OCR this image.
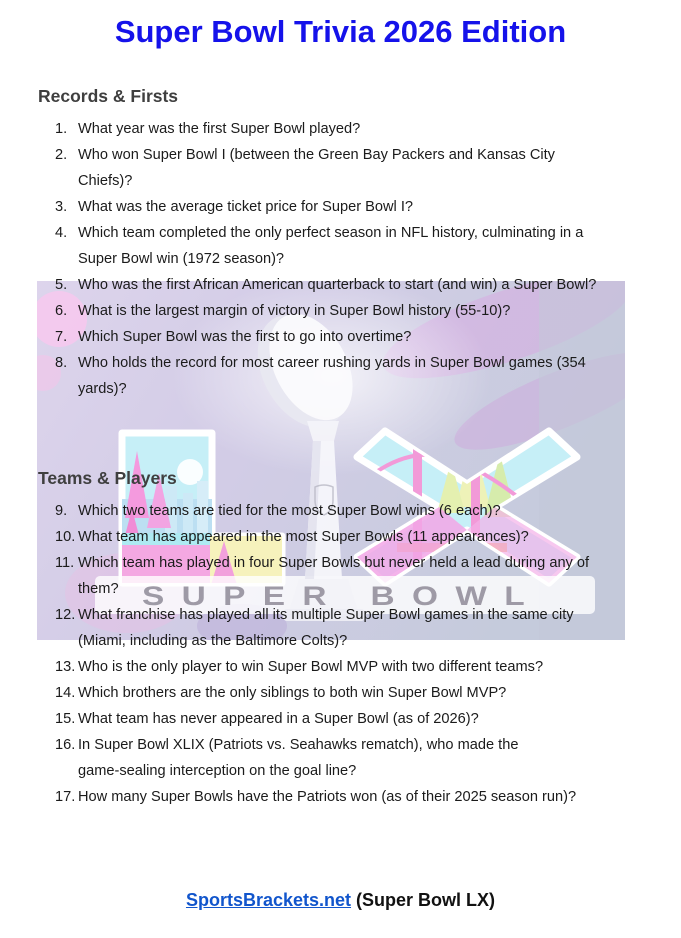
SUPER BOWL
Super Bowl Trivia 2026 Edition
Records & Firsts
1. What year was the first Super Bowl played?
2. Who won Super Bowl I (between the Green Bay Packers and Kansas City
Chiefs)?
3. What was the average ticket price for Super Bowl I?
4. Which team completed the only perfect season in NFL history, culminating in a
Super Bowl win (1972 season)?
5. Who was the first African American quarterback to start (and win) a Super Bowl?
6. What is the largest margin of victory in Super Bowl history (55-10)?
7. Which Super Bowl was the first to go into overtime?
8. Who holds the record for most career rushing yards in Super Bowl games (354
yards)?
Teams & Players
9. Which two teams are tied for the most Super Bowl wins (6 each)?
10. What team has appeared in the most Super Bowls (11 appearances)?
11. Which team has played in four Super Bowls but never held a lead during any of
them?
12. What franchise has played all its multiple Super Bowl games in the same city
(Miami, including as the Baltimore Colts)?
13. Who is the only player to win Super Bowl MVP with two different teams?
14. Which brothers are the only siblings to both win Super Bowl MVP?
15. What team has never appeared in a Super Bowl (as of 2026)?
16. In Super Bowl XLIX (Patriots vs. Seahawks rematch), who made the
game-sealing interception on the goal line?
17. How many Super Bowls have the Patriots won (as of their 2025 season run)?
SportsBrackets.net (Super Bowl LX)
